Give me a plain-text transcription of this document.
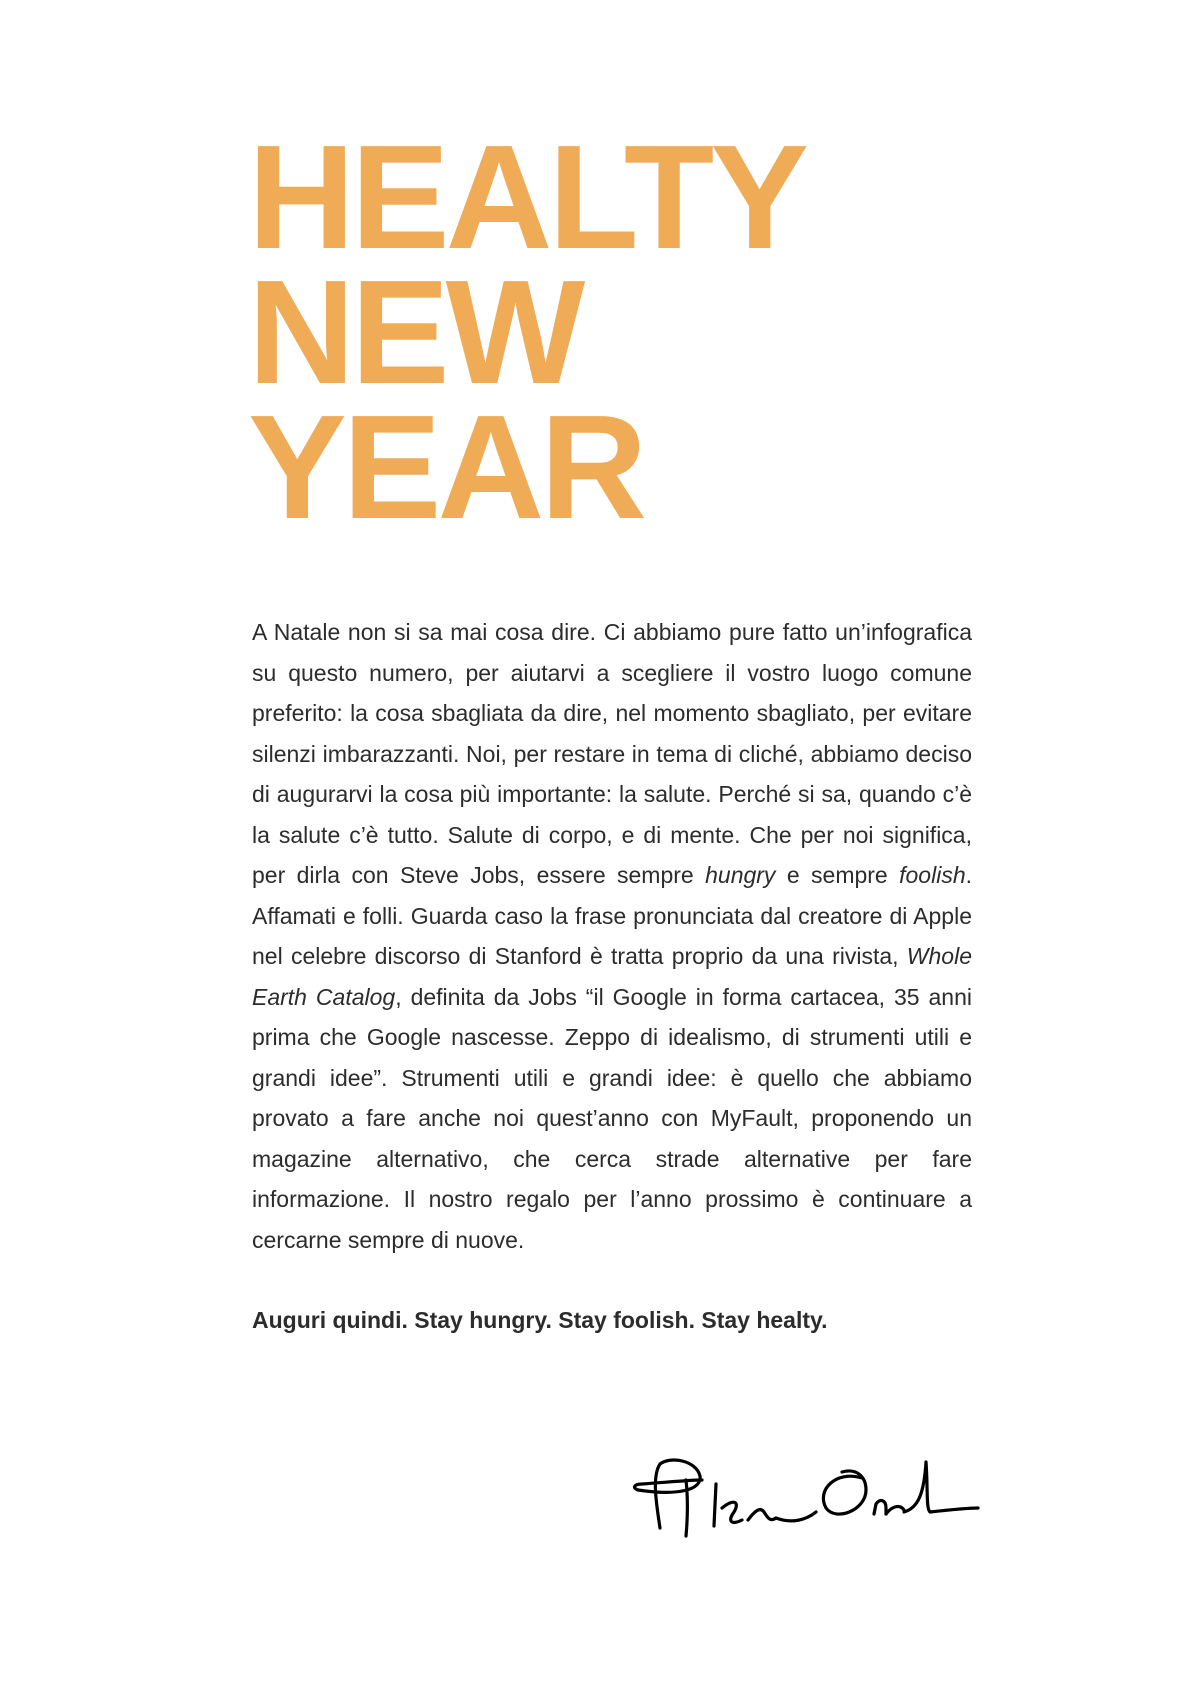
HEALTY
NEW
YEAR

A Natale non si sa mai cosa dire. Ci abbiamo pure fatto un’infografica su questo numero, per aiutarvi a scegliere il vostro luogo comune preferito: la cosa sbagliata da dire, nel momento sbagliato, per evitare silenzi imbarazzanti. Noi, per restare in tema di cliché, abbiamo deciso di augurarvi la cosa più importante: la salute. Perché si sa, quando c’è la salute c’è tutto. Salute di corpo, e di mente. Che per noi significa, per dirla con Steve Jobs, essere sempre hungry e sempre foolish. Affamati e folli. Guarda caso la frase pronunciata dal creatore di Apple nel celebre discorso di Stanford è tratta proprio da una rivista, Whole Earth Catalog, definita da Jobs “il Google in forma cartacea, 35 anni prima che Google nascesse. Zeppo di idealismo, di strumenti utili e grandi idee”. Strumenti utili e grandi idee: è quello che abbiamo provato a fare anche noi quest’anno con MyFault, proponendo un magazine alternativo, che cerca strade alternative per fare informazione. Il nostro regalo per l’anno prossimo è continuare a cercarne sempre di nuove.

Auguri quindi. Stay hungry. Stay foolish. Stay healty.
